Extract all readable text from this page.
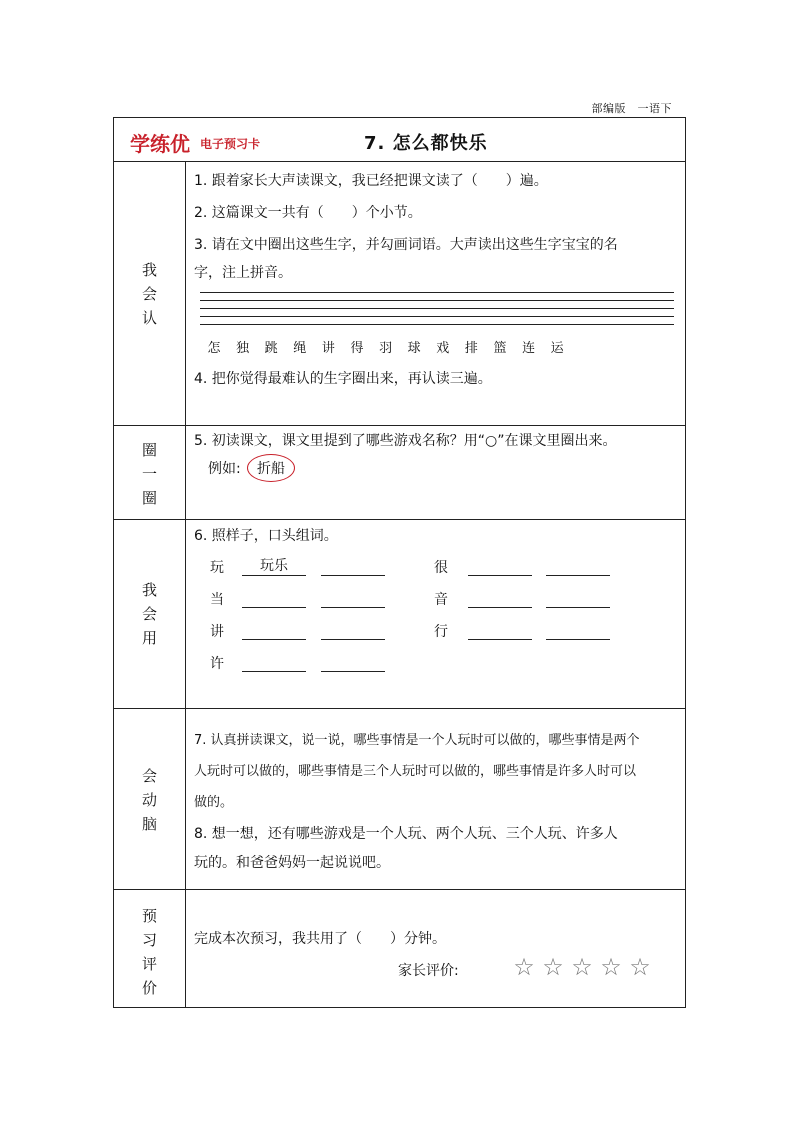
部编版　一语下
学练优 电子预习卡	7. 怎么都快乐
我
会
认
1. 跟着家长大声读课文，我已经把课文读了（　　）遍。
2. 这篇课文一共有（　　）个小节。
3. 请在文中圈出这些生字，并勾画词语。大声读出这些生字宝宝的名
字，注上拼音。
怎 独 跳 绳 讲 得 羽 球 戏 排 篮 连 运
4. 把你觉得最难认的生字圈出来，再认读三遍。
圈
一
圈
5. 初读课文，课文里提到了哪些游戏名称？用“○”在课文里圈出来。
例如:	折船
我
会
用
6. 照样子，口头组词。
玩
当
讲
许
很
音
行
玩乐
会
动
脑
7. 认真拼读课文，说一说，哪些事情是一个人玩时可以做的，哪些事情是两个
人玩时可以做的，哪些事情是三个人玩时可以做的，哪些事情是许多人时可以
做的。
8. 想一想，还有哪些游戏是一个人玩、两个人玩、三个人玩、许多人
玩的。和爸爸妈妈一起说说吧。
预
习
评
价
完成本次预习，我共用了（　　）分钟。
家长评价: ☆ ☆ ☆ ☆ ☆
